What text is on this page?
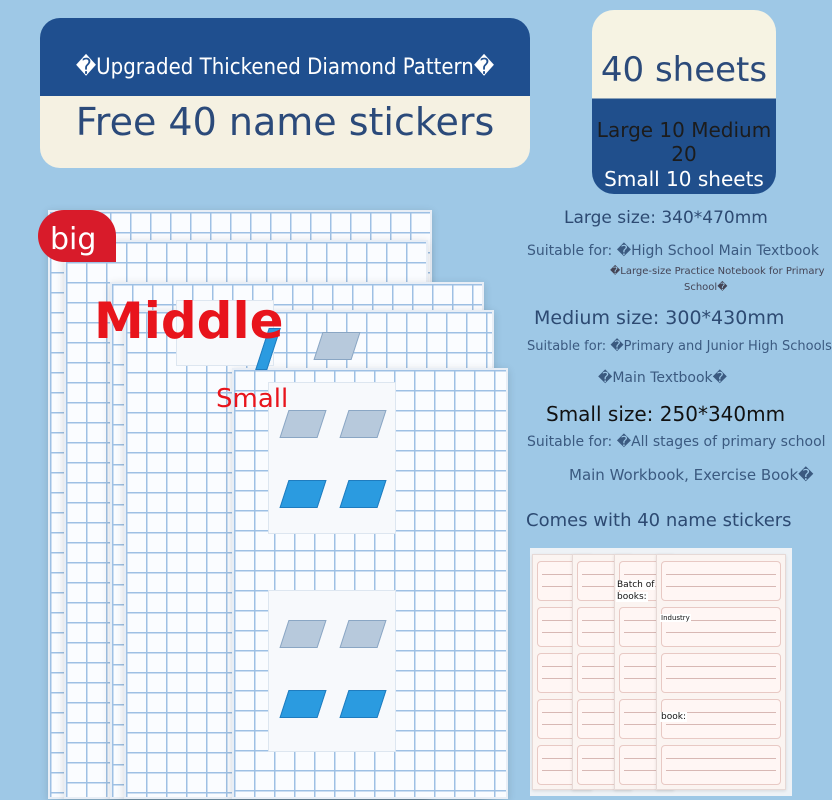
�Upgraded Thickened Diamond Pattern�
Free 40 name stickers
40 sheets
Large 10 Medium 20
Small 10 sheets
big
Middle
Small
Large size: 340*470mm
Suitable for: �High School Main Textbook
�Large-size Practice Notebook for Primary
School�
Medium size: 300*430mm
Suitable for: �Primary and Junior High Schools
�Main Textbook�
Small size: 250*340mm
Suitable for: �All stages of primary school
Main Workbook, Exercise Book�
Comes with 40 name stickers
Batch of
books:
Industry
book:
